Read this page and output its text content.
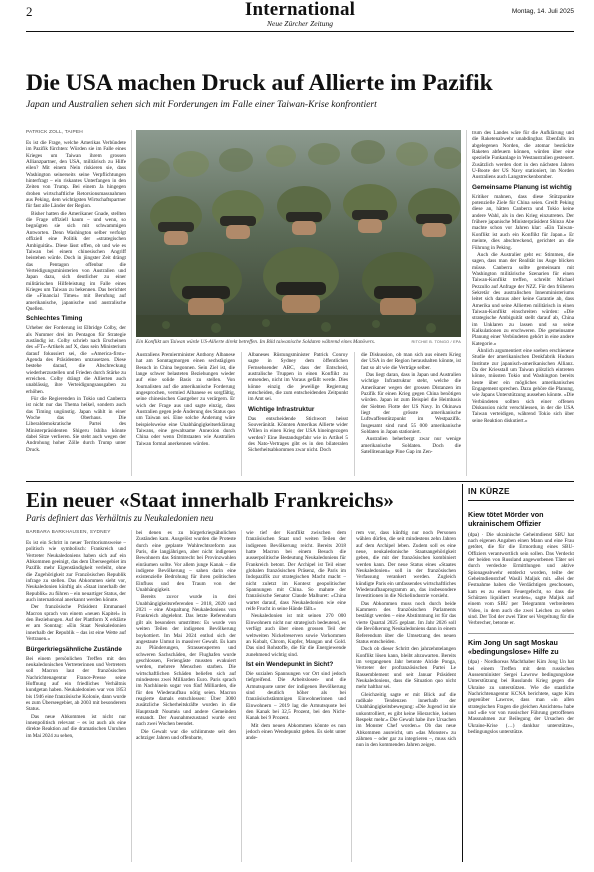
2	International
Neue Zürcher Zeitung
Montag, 14. Juli 2025
Die USA machen Druck auf Allierte im Pazifik
Japan und Australien sehen sich mit Forderungen im Falle einer Taiwan-Krise konfrontiert
PATRICK ZOLL, TAIPEH

Es ist die Frage, welche Amerikas Verbündete im Pazifik fürchten: Würden sie im Falle eines Krieges um Taiwan ihrem grossen Allianzpartner, den USA, militärisch zu Hilfe eilen? Mit einem Nein riskieren sie, dass Washington seinerseits seine Verpflichtungen hinterfragt – ein riskantes Unterfangen in den Zeiten von Trump. Bei einem Ja hingegen drohen wirtschaftliche Retorsionsmassnahmen aus Peking, dem wichtigsten Wirtschaftspartner für fast alle Länder der Region.

Bisher hatten die Amerikaner Gnade, stellten die Frage offiziell kaum – und wenn, so begnügten sie sich mit schwammigen Antworten. Denn Washington selber verfolgt offiziell eine Politik der «strategischen Ambiguität». Diese lässt offen, ob und wie es Taiwan bei einem chinesischen Angriff beistehen würde. Doch in jüngster Zeit drängt das Pentagon offenbar die Verteidigungsministerien von Australien und Japan dazu, sich deutlicher zu einer militärischen Hilfeleistung im Falle eines Krieges um Taiwan zu bekennen. Das berichtet die «Financial Times» mit Berufung auf amerikanische, japanische und australische Quellen.

Schlechtes Timing

Urheber der Forderung ist Elbridge Colby, der als Nummer drei im Pentagon für Strategie zuständig ist. Colby schrieb nach Erscheinen des «FT»-Artikels auf X, dass sein Ministerium darauf fokussiert sei, die «America-first»-Agenda des Präsidenten umzusetzen. Diese bestehe darauf, die Abschreckung wiederherzustellen und Frieden durch Stärke zu erreichen. Colby drängt die Allierten auch unablässig, ihre Verteidigungsausgaben zu erhöhen.

Für die Regierenden in Tokio und Canberra ist nicht nur das Thema heikel, sondern auch das Timing ungünstig. Japan wählt in einer Woche das Oberhaus. Die Liberaldemokratische Partei des Ministerpräsidenten Shigeru Ishiba könnte dabei Sitze verlieren. Sie steht auch wegen der Androhung hoher Zölle durch Trump unter Druck.

Ein Konflikt um Taiwan würde US-Allierte direkt betreffen. Im Bild taiwanische Soldaten während eines Manövers.	RITCHIE B. TONGO / EPA

Australiens Premierminister Anthony Albanese hat am Sonntagmorgen einen sechstägigen Besuch in China begonnen. Sein Ziel ist, die lange schwer belasteten Beziehungen wieder auf eine solide Basis zu stellen. Von Journalisten auf die amerikanische Forderung angesprochen, vermied Albanese es sorgfältig, seine chinesischen Gastgeber zu verärgern. Er wich der Frage aus und sagte einzig, dass Australien gegen jede Änderung des Status quo um Taiwan sei. Eine solche Änderung wäre beispielsweise eine Unabhängigkeitserklärung Taiwans, eine gewaltsame Annexion durch China oder wenn Drittstaaten wie Australien Taiwan formal anerkennen würden.

Albaneses Rüstungsminister Patrick Conroy sagte in Sydney dem öffentlichen Fernsehsender ABC, dass der Entscheid, australische Truppen in einen Konflikt zu entsenden, nicht im Voraus gefällt werde. Dies könne einzig die jeweilige Regierung entscheiden, die zum entscheidenden Zeitpunkt im Amt sei.

Wichtige Infrastruktur

Das entscheidende Stichwort heisst Souveränität. Könnten Amerikas Allierte wider Willen in einen Krieg der USA hineingezogen werden? Eine Bestandsgefahr wie in Artikel 5 des Nato-Vertrages gibt es in den bilateralen Sicherheitsabkommen zwar nicht. Doch

die Diskussion, ob man sich aus einem Krieg der USA in der Region heraushalten könnte, ist fast so alt wie die Verträge selber.

Das liegt daran, dass in Japan und Australien wichtige Infrastruktur steht, welche die Amerikaner wegen der grossen Distanzen im Pazifik für einen Krieg gegen China benötigen würden. Japan ist zum Beispiel die Heimbasis der Siebten Flotte der US Navy. In Okinawa liegt der grösste amerikanische Luftwaffenstützpunkt im Westpazifik. Insgesamt sind rund 55 000 amerikanische Soldaten in Japan stationiert.

Australien beherbergt zwar nur wenige amerikanische Soldaten. Doch die Satellitenanlage Pine Gap im Zen-

trum des Landes wäre für die Aufklärung und die Raketenabwehr unabdingbar. Ebenfalls im abgelegenen Norden, die atomar bestückte Raketen abfeuern können, würden über eine spezielle Funkanlage in Westaustralien gesteuert. Zusätzlich werden dort in den nächsten Jahren U-Boote der US Navy stationiert, im Norden Australiens auch Langstreckenbomber.

Gemeinsame Planung ist wichtig

Kritiker mahnen, dass diese Stützpunkte potenzielle Ziele für China seien. Greift Peking diese an, hätten Canberra und Tokio keine andere Wahl, als in den Krieg einzutreten. Der frühere japanische Ministerpräsident Shinzo Abe machte schon vor Jahren klar: «Ein Taiwan-Konflikt ist auch ein Konflikt für Japan.» Er meinte, dies abschreckend, gerichtet an die Führung in Peking.

Auch die Australier geht es: Stimmen, die sagen, dass man der Realität ins Auge blicken müsse. Canberra sollte gemeinsam mit Washington militärische Szenarien für einen Taiwan-Konflikt treffen, schreibt Michael Pezzullo auf Anfrage der NZZ. Für den früheren Sekretär des australischen Innenministeriums leitet sich daraus aber keine Garantie ab, dass Amerika und seine Allierten militärisch in einen Taiwan-Konflikt einschreiten würden: «Die strategische Ambiguität stellt darauf ab, China im Unklaren zu lassen und so seine Kalkulationen zu erschweren. Die gemeinsame Planung einer Verbündeten gehört in eine andere Kategorie.»

Ähnlich argumentiert eine soeben erschienene Studie der amerikanischen Denkfabrik Hudson Institute zur japanisch-amerikanischen Allianz. Da der Kriesstall um Taiwan plötzlich eintreten könne, müssten Tokio und Washington bereits heute über ein mögliches amerikanisches Engagement sprechen. Dazu gehöre die Planung, wie Japans Unterstützung aussehen könnte. «Die Verbündeten sollten sich einer offenen Diskussion nicht verschliessen, in der die USA Taiwan verteidigen, während Tokio sich über seine Reaktion diskutiert.»

Ein neuer «Staat innerhalb Frankreichs»
Paris definiert das Verhältnis zu Neukaledonien neu
BARBARA BARKHAUSEN, SYDNEY

Es ist ein Schritt in neuer Territoriumsweise – politisch wie symbolisch: Frankreich und Vertreter Neukaledoniens haben sich auf ein Abkommen geeinigt, das dem Überseegebiet im Pazifik mehr Eigenständigkeit verleiht, ohne die Zugehörigkeit zur Französischen Republik infrage zu stellen. Das Abkommen sieht vor, Neukaledonien künftig als «Staat innerhalb der Republik» zu führen – ein neuartiger Status, der auch international anerkannt werden könnte.

Der französische Präsident Emmanuel Macron sprach von einem «neuen Kapitel» in den Beziehungen. Auf der Plattform X erklärte er am Sonntag: «Ein Staat Neukaledonien innerhalb der Republik – das ist eine Wette auf Vertrauen.»

Bürgerkriegsähnliche Zustände

Bei einem persönlichen Treffen mit den neukaledonischen Vertreterinnen und Vertretern soll Macron laut der französischen Nachrichtenagentur France-Presse seine Hoffnung auf ein friedliches Verhältnis kundgetan haben. Neukaledonien war von 1853 bis 1946 eine französische Kolonie, dann wurde es zum Überseegebiet, ab 2003 mit besonderem Status.

Das neue Abkommen ist nicht nur innenpolitisch relevant – es ist auch als eine direkte Reaktion auf die dramatischen Unruhen im Mai 2024 zu sehen,

bei denen es zu bürgerkriegsähnlichen Zuständen kam. Ausgelöst wurden die Proteste durch eine geplante Wahlrechtsreform aus Paris, die langjährigen, aber nicht indigenen Bewohnern das Stimmrecht bei Provinzwahlen einräumen sollte. Vor allem junge Kanak – die indigene Bevölkerung – sahen darin eine existenzielle Bedrohung für ihren politischen Einfluss und den Traum von der Unabhängigkeit.

Bereits zuvor wurde in drei Unabhängigkeitsreferenden – 2018, 2020 und 2021 – eine Abspaltung Neukaledoniens von Frankreich abgelehnt. Das letzte Referendum gilt als besonders umstritten: Es wurde von weiten Teilen der indigenen Bevölkerung boykottiert. Im Mai 2024 entlud sich der angestaute Unmut in massiver Gewalt. Es kam zu Plünderungen, Strassensperren und schweren Sachschäden, der Flughafen wurde geschlossen, Feriengäste mussten evakuiert werden, mehrere Menschen starben. Die wirtschaftlichen Schäden beliefen sich auf mindestens zwei Milliarden Euro. Paris sprach im Nachhinein sogar von fünf Milliarden, die für den Wiederaufbau nötig seien. Macron reagierte damals entschlossen: Über 3000 zusätzliche Sicherheitskräfte wurden in die Hauptstadt Nouméa und andere Gemeinden entsandt. Der Ausnahmezustand wurde erst nach zwei Wochen beendet.

Die Gewalt war die schlimmste seit den achtziger Jahren und offenbarte,

wie tief der Konflikt zwischen dem französischen Staat und weiten Teilen der indigenen Bevölkerung reicht. Bereits 2018 hatte Macron bei einem Besuch die ausserpolitische Bedeutung Neukaledoniens für Frankreich betont. Der Archipel ist Teil einer globalen französischen Präsenz, die Paris im Indopazifik zur strategischen Macht macht – nicht zuletzt im Kontext geopolitischer Spannungen mit China. So mahnte der französische Senator Claude Malhuret: «China wartet darauf, dass Neukaledonien wie eine reife Frucht in seine Hände fällt.»

Neukaledonien ist mit seinen 270 000 Einwohnern nicht nur strategisch bedeutend, es verfügt auch über einen grossen Teil der weltweiten Nickelreserven sowie Vorkommen an Kobalt, Chrom, Kupfer, Mangan und Gold. Das sind Rohstoffe, die für die Energiewende zunehmend wichtig sind.

Ist ein Wendepunkt in Sicht?

Die sozialen Spannungen vor Ort sind jedoch tiefgreifend. Die Arbeitslosen- und die Armutsquote unter der indigenen Bevölkerung sind deutlich höher als bei französischstämmigen Einwohnerinnen und Einwohnern – 2019 lag die Armutsquote bei den Kanak bei 32,5 Prozent, bei den Nicht-Kanak bei 9 Prozent.

Mit dem neuen Abkommen könnte es nun jedoch einen Wendepunkt geben. Es sieht unter ande-

rem vor, dass künftig nur noch Personen wählen dürfen, die seit mindestens zehn Jahren auf dem Archipel leben. Zudem soll es eine neue, neukaledonische Staatsangehörigkeit geben, die mit der französischen kombiniert werden kann. Der neue Status eines «Staates Neukaledonien» soll in der französischen Verfassung verankert werden. Zugleich kündigte Paris ein umfassendes wirtschaftliches Wiederaufbauprogramm an, das insbesondere Investitionen in die Nickelindustrie vorsieht.

Das Abkommen muss noch durch beide Kammern des französischen Parlaments bestätigt werden – eine Abstimmung ist für das vierte Quartal 2025 geplant. Im Jahr 2026 soll die Bevölkerung Neukaledoniens dann in einem Referendum über die Umsetzung des neuen Status entscheiden.

Doch ob dieser Schritt den jahrzehntelangen Konflikt lösen kann, bleibt abzuwarten. Bereits im vergangenen Jahr betonte Alcide Ponga, Vertreter der profranzösischen Partei Le Rassemblement und seit Januar Präsident Neukaledoniens, dass die Situation quo nicht mehr haltbar sei.

Gleichzeitig sagte er mit Blick auf die radikale Tendenzen innerhalb der Unabhängigkeitsbewegung: «Die Jugend ist nie unkontrolliert, es gibt keine Hierarchie, keinen Respekt mehr.» Die Gewalt habe ihre Ursachen im Monster Chef worden.» Ob das neue Abkommen ausreicht, um «das Monster» zu zähmen – oder gar zu integrieren –, muss sich nun in den kommenden Jahren zeigen.

IN KÜRZE
Kiew tötet Mörder von ukrainischem Offizier
(dpa) · Die ukrainische Geheimdienst SBU hat nach eigenen Angaben einen Mann und eine Frau getötet, die für die Ermordung eines SBU-Offiziers verantwortlich sein sollen. Das Verdeckt der beiden von Russland angeworbenen Täter sei durch verdeckte Ermittlungen und aktive Spionageabwehr entdeckt worden, teilte der Geheimdienstchef Wasili Maljuk mit. «Bei der Festnahme haben die Verdächtigen geschossen, kam es zu einem Feuergefecht, so dass die Schützen liquidiert wurden», sagte Maljuk auf einem vom SBU per Telegramm verbreiteten Video, in dem auch die zwei Leichen zu sehen sind. Der Tod der zwei Täter sei Vergeltung für die Verbrecher, betonte er.
Kim Jong Un sagt Moskau «bedingungslose» Hilfe zu
(dpa) · Nordkoreas Machthaber Kim Jong Un hat bei einem Treffen mit dem russischen Aussenminister Sergei Lawrow bedingungslose Unterstützung bei Russlands Krieg gegen die Ukraine zu unterstützen. Wie die staatliche Nachrichtenagentur KCNA berichtete, sagte Kim gegenüber Lawrow, dass man «in allen strategischen Fragen die gleichen Ansichten» habe und «die vor von russischer Führung getroffenen Massnahmen zur Beilegung der Ursachen der Ukraine-Krise (…) dankbar unterstütze», bedingungslos unterstütze.
